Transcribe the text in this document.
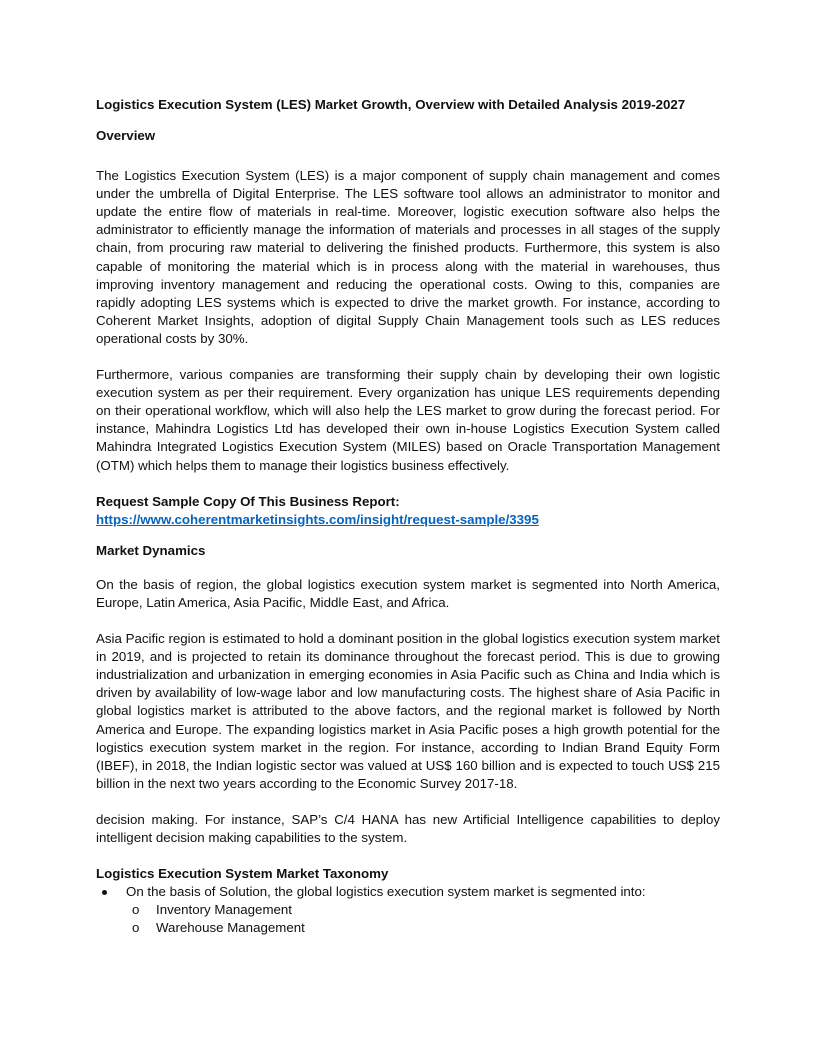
Logistics Execution System (LES) Market Growth, Overview with Detailed Analysis 2019-2027
Overview

The Logistics Execution System (LES) is a major component of supply chain management and comes under the umbrella of Digital Enterprise. The LES software tool allows an administrator to monitor and update the entire flow of materials in real-time. Moreover, logistic execution software also helps the administrator to efficiently manage the information of materials and processes in all stages of the supply chain, from procuring raw material to delivering the finished products. Furthermore, this system is also capable of monitoring the material which is in process along with the material in warehouses, thus improving inventory management and reducing the operational costs. Owing to this, companies are rapidly adopting LES systems which is expected to drive the market growth. For instance, according to Coherent Market Insights, adoption of digital Supply Chain Management tools such as LES reduces operational costs by 30%.

Furthermore, various companies are transforming their supply chain by developing their own logistic execution system as per their requirement. Every organization has unique LES requirements depending on their operational workflow, which will also help the LES market to grow during the forecast period. For instance, Mahindra Logistics Ltd has developed their own in-house Logistics Execution System called Mahindra Integrated Logistics Execution System (MILES) based on Oracle Transportation Management (OTM) which helps them to manage their logistics business effectively.

Request Sample Copy Of This Business Report:
https://www.coherentmarketinsights.com/insight/request-sample/3395
Market Dynamics

On the basis of region, the global logistics execution system market is segmented into North America, Europe, Latin America, Asia Pacific, Middle East, and Africa.

Asia Pacific region is estimated to hold a dominant position in the global logistics execution system market in 2019, and is projected to retain its dominance throughout the forecast period. This is due to growing industrialization and urbanization in emerging economies in Asia Pacific such as China and India which is driven by availability of low-wage labor and low manufacturing costs. The highest share of Asia Pacific in global logistics market is attributed to the above factors, and the regional market is followed by North America and Europe. The expanding logistics market in Asia Pacific poses a high growth potential for the logistics execution system market in the region. For instance, according to Indian Brand Equity Form (IBEF), in 2018, the Indian logistic sector was valued at US$ 160 billion and is expected to touch US$ 215 billion in the next two years according to the Economic Survey 2017-18.

decision making. For instance, SAP’s C/4 HANA has new Artificial Intelligence capabilities to deploy intelligent decision making capabilities to the system.

Logistics Execution System Market Taxonomy
On the basis of Solution, the global logistics execution system market is segmented into:
o Inventory Management
o Warehouse Management
